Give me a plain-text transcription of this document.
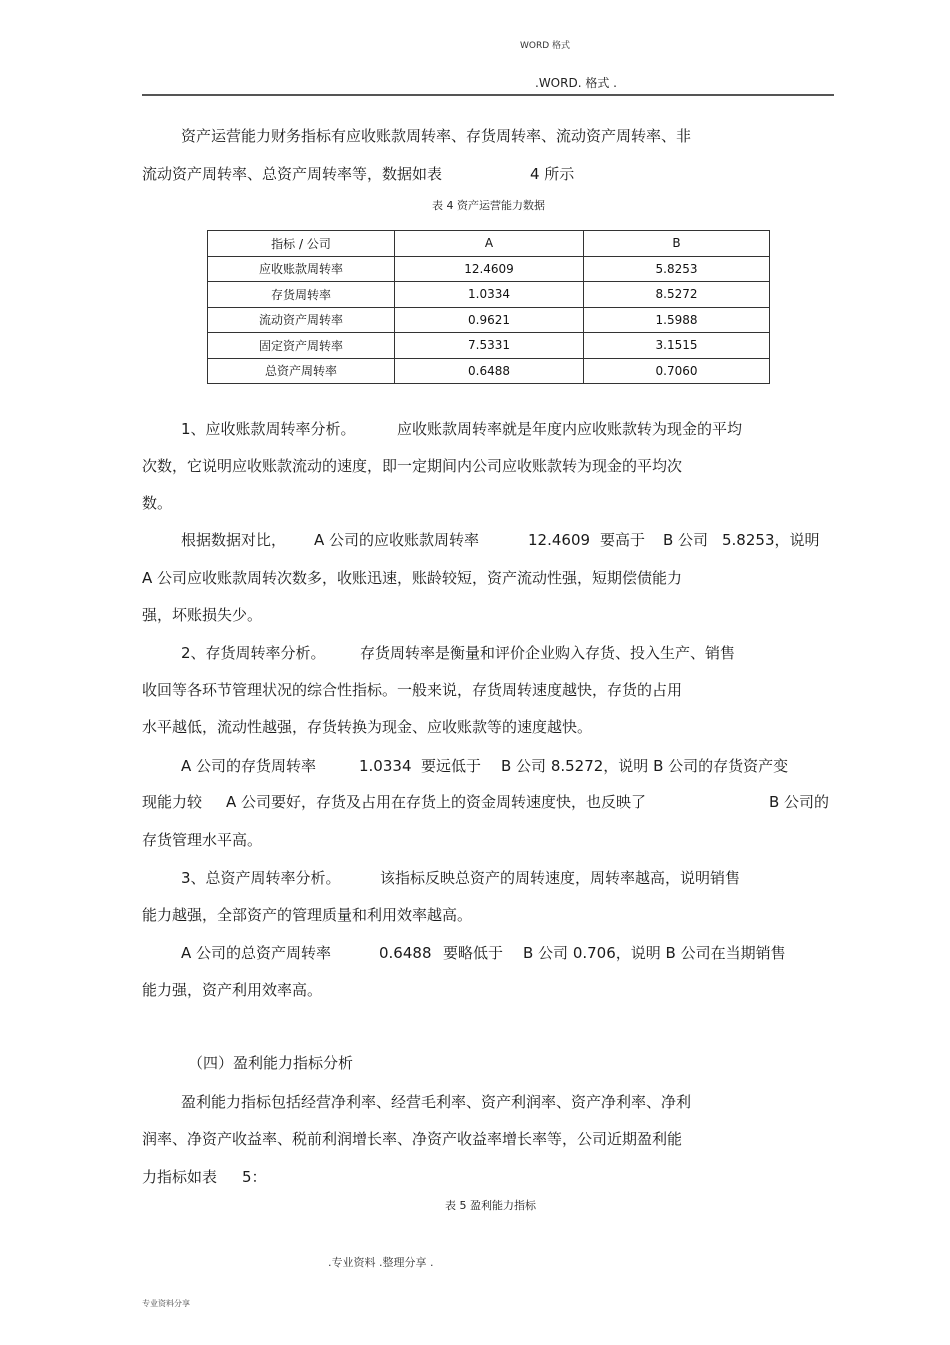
WORD 格式
.WORD. 格式 .
资产运营能力财务指标有应收账款周转率、存货周转率、流动资产周转率、非
流动资产周转率、总资产周转率等，数据如表	4 所示
表 4 资产运营能力数据
指标 / 公司	A	B
应收账款周转率	12.4609	5.8253
存货周转率	1.0334	8.5272
流动资产周转率	0.9621	1.5988
固定资产周转率	7.5331	3.1515
总资产周转率	0.6488	0.7060
1、应收账款周转率分析。	应收账款周转率就是年度内应收账款转为现金的平均
次数，它说明应收账款流动的速度，即一定期间内公司应收账款转为现金的平均次
数。
根据数据对比， A 公司的应收账款周转率	12.4609 要高于 B 公司 5.8253，说明
A 公司应收账款周转次数多，收账迅速，账龄较短，资产流动性强，短期偿债能力
强，坏账损失少。
2、存货周转率分析。 存货周转率是衡量和评价企业购入存货、投入生产、销售
收回等各环节管理状况的综合性指标。一般来说，存货周转速度越快，存货的占用
水平越低，流动性越强，存货转换为现金、应收账款等的速度越快。
A 公司的存货周转率	1.0334 要远低于 B 公司 8.5272，说明 B 公司的存货资产变
现能力较 A 公司要好，存货及占用在存货上的资金周转速度快，也反映了	B 公司的
存货管理水平高。
3、总资产周转率分析。	该指标反映总资产的周转速度，周转率越高，说明销售
能力越强，全部资产的管理质量和利用效率越高。
A 公司的总资产周转率	0.6488 要略低于 B 公司 0.706，说明 B 公司在当期销售
能力强，资产利用效率高。
（四）盈利能力指标分析
盈利能力指标包括经营净利率、经营毛利率、资产利润率、资产净利率、净利
润率、净资产收益率、税前利润增长率、净资产收益率增长率等，公司近期盈利能
力指标如表 5：
表 5 盈利能力指标
.专业资料 .整理分享 .
专业资料分享
